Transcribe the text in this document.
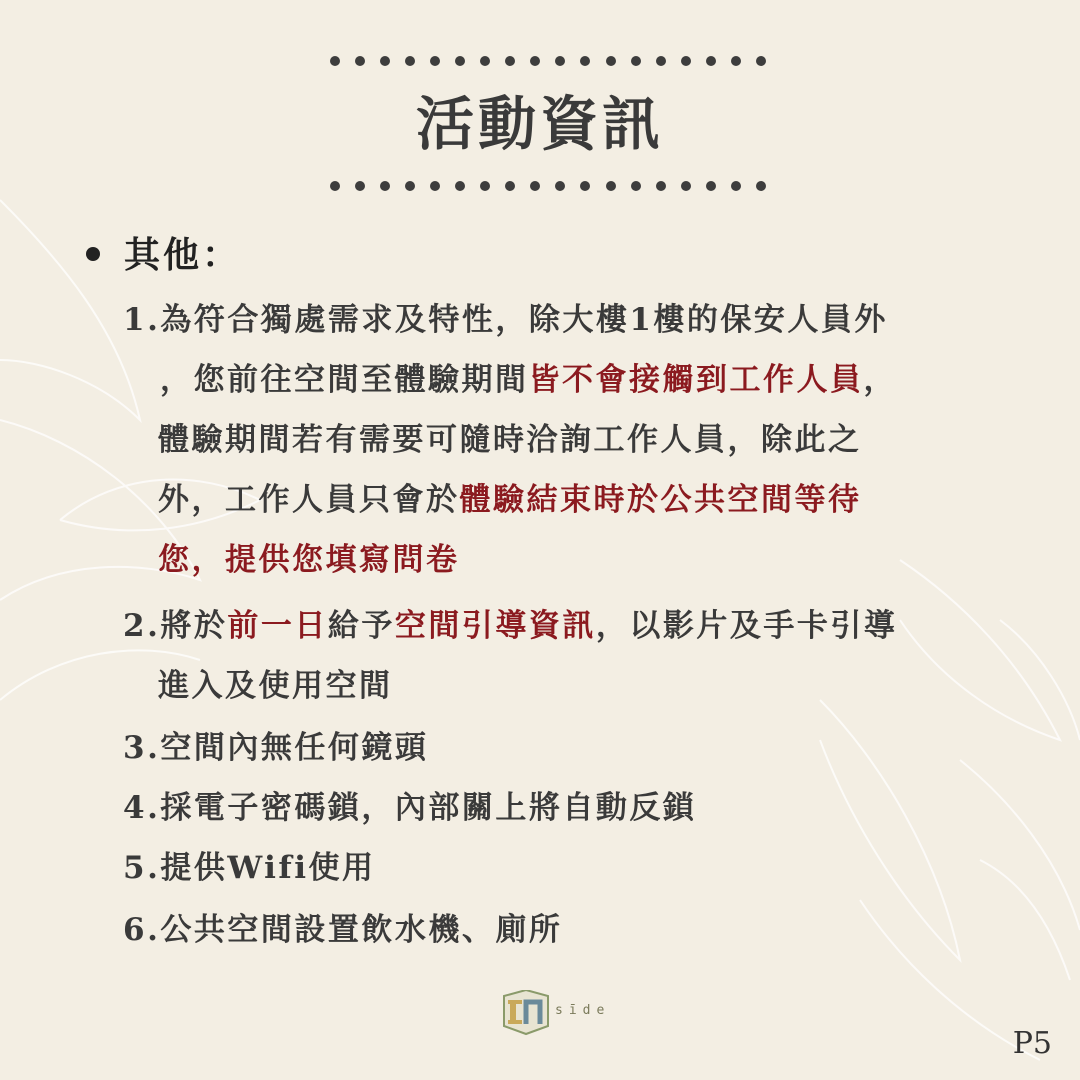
活動資訊
其他：
1.為符合獨處需求及特性，除大樓1樓的保安人員外
，您前往空間至體驗期間皆不會接觸到工作人員，
體驗期間若有需要可隨時洽詢工作人員，除此之
外，工作人員只會於體驗結束時於公共空間等待
您，提供您填寫問卷
2.將於前一日給予空間引導資訊，以影片及手卡引導
進入及使用空間
3.空間內無任何鏡頭
4.採電子密碼鎖，內部關上將自動反鎖
5.提供Wifi使用
6.公共空間設置飲水機、廁所
sīde
P5
